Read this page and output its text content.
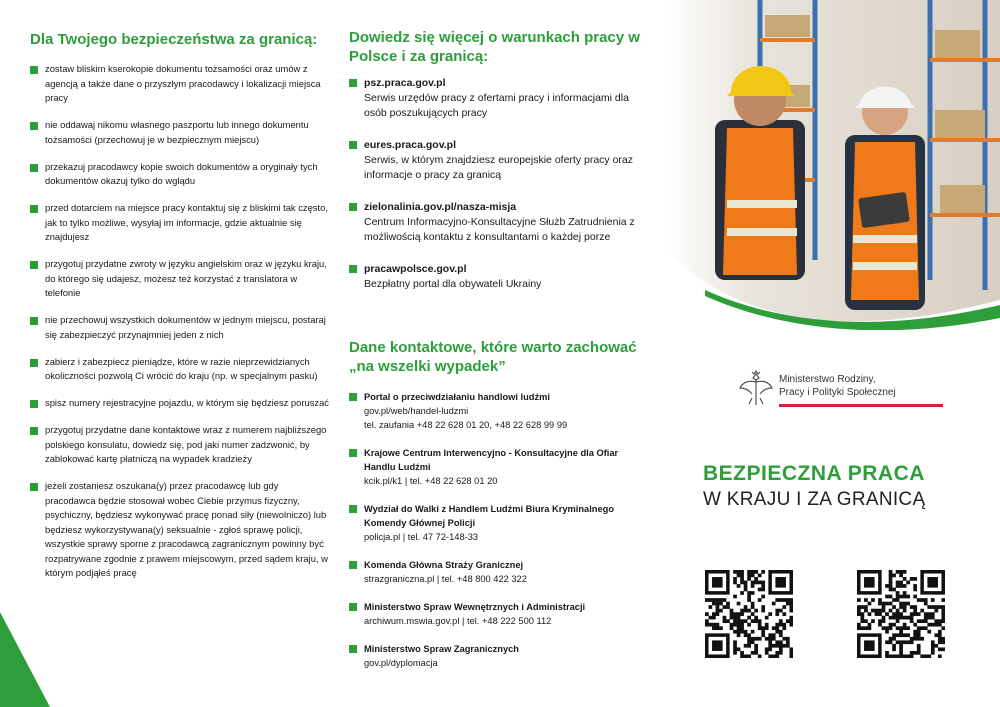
Dla Twojego bezpieczeństwa za granicą:
zostaw bliskim kserokopie dokumentu tożsamości oraz umów z agencją a także dane o przyszłym pracodawcy i lokalizacji miejsca pracy
nie oddawaj nikomu własnego paszportu lub innego dokumentu tożsamości (przechowuj je w bezpiecznym miejscu)
przekazuj pracodawcy kopie swoich dokumentów a oryginały tych dokumentów okazuj tylko do wglądu
przed dotarciem na miejsce pracy kontaktuj się z bliskimi tak często, jak to tylko możliwe, wysyłaj im informacje, gdzie aktualnie się znajdujesz
przygotuj przydatne zwroty w języku angielskim oraz w języku kraju, do którego się udajesz, możesz też korzystać z translatora w telefonie
nie przechowuj wszystkich dokumentów w jednym miejscu, postaraj się zabezpieczyć przynajmniej jeden z nich
zabierz i zabezpiecz pieniądze, które w razie nieprzewidzianych okoliczności pozwolą Ci wrócić do kraju (np. w specjalnym pasku)
spisz numery rejestracyjne pojazdu, w którym się będziesz poruszać
przygotuj przydatne dane kontaktowe wraz z numerem najbliższego polskiego konsulatu, dowiedz się, pod jaki numer zadzwonić, by zablokować kartę płatniczą na wypadek kradzieży
jeżeli zostaniesz oszukana(y) przez pracodawcę lub gdy pracodawca będzie stosował wobec Ciebie przymus fizyczny, psychiczny, będziesz wykonywać pracę ponad siły (niewolniczo) lub będziesz wykorzystywana(y) seksualnie - zgłoś sprawę policji, wszystkie sprawy sporne z pracodawcą zagranicznym powinny być rozpatrywane zgodnie z prawem miejscowym, przed sądem kraju, w którym podjąłeś pracę
Dowiedz się więcej o warunkach pracy w Polsce i za granicą:
psz.praca.gov.pl
Serwis urzędów pracy z ofertami pracy i informacjami dla osób poszukujących pracy
eures.praca.gov.pl
Serwis, w którym znajdziesz europejskie oferty pracy oraz informacje o pracy za granicą
zielonalinia.gov.pl/nasza-misja
Centrum Informacyjno-Konsultacyjne Służb Zatrudnienia z możliwością kontaktu z konsultantami o każdej porze
pracawpolsce.gov.pl
Bezpłatny portal dla obywateli Ukrainy
Dane kontaktowe, które warto zachować „na wszelki wypadek”
Portal o przeciwdziałaniu handlowi ludźmi
gov.pl/web/handel-ludzmi
tel. zaufania +48 22 628 01 20, +48 22 628 99 99
Krajowe Centrum Interwencyjno - Konsultacyjne dla Ofiar Handlu Ludźmi
kcik.pl/k1 | tel. +48 22 628 01 20
Wydział do Walki z Handlem Ludźmi Biura Kryminalnego Komendy Głównej Policji
policja.pl | tel. 47 72-148-33
Komenda Główna Straży Granicznej
strazgraniczna.pl | tel. +48 800 422 322
Ministerstwo Spraw Wewnętrznych i Administracji
archiwum.mswia.gov.pl | tel. +48 222 500 112
Ministerstwo Spraw Zagranicznych
gov.pl/dyplomacja
Ministerstwo Rodziny,
Pracy i Polityki Społecznej
BEZPIECZNA PRACA
W KRAJU I ZA GRANICĄ
